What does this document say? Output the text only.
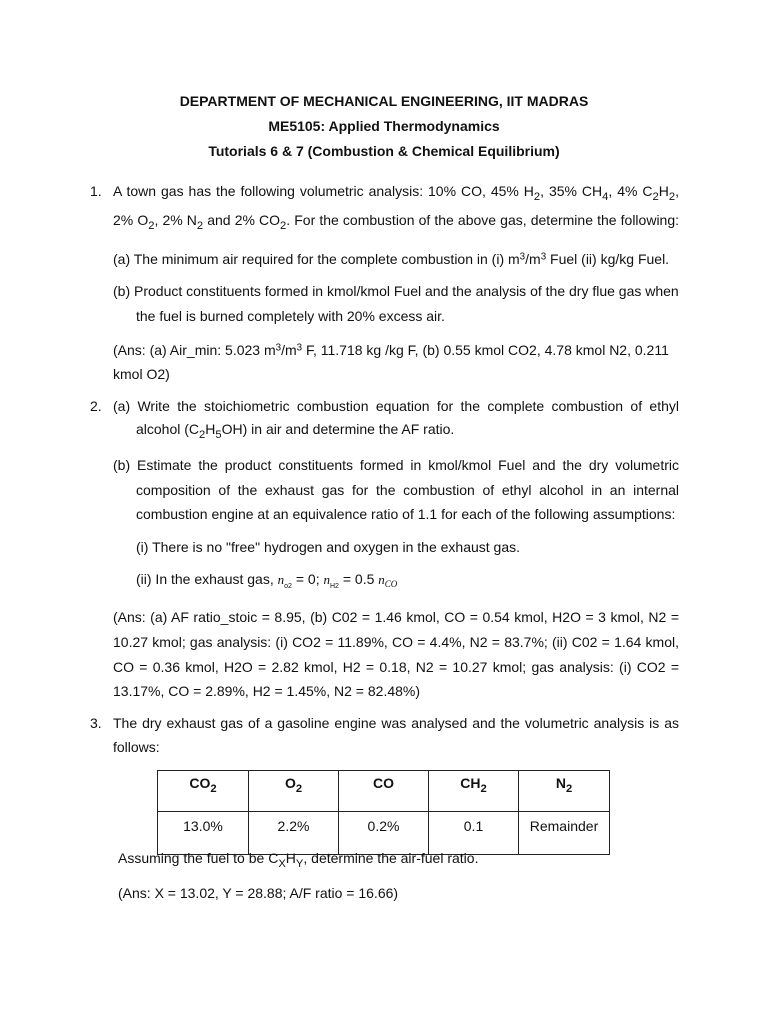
DEPARTMENT OF MECHANICAL ENGINEERING, IIT MADRAS
ME5105: Applied Thermodynamics
Tutorials 6 & 7 (Combustion & Chemical Equilibrium)
1. A town gas has the following volumetric analysis: 10% CO, 45% $H_2$, 35% $CH_4$, 4% $C_2H_2$,
2% $O_2$, 2% $N_2$ and 2% $CO_2$. For the combustion of the above gas, determine the following:
(a) The minimum air required for the complete combustion in (i) $m^3/m^3$ Fuel (ii) kg/kg Fuel.
(b) Product constituents formed in kmol/kmol Fuel and the analysis of the dry flue gas when
the fuel is burned completely with 20% excess air.
(Ans: (a) Air_min: 5.023 $m^3/m^3$ F, 11.718 kg /kg F, (b) 0.55 kmol CO2, 4.78 kmol N2, 0.211
kmol O2)
2. (a) Write the stoichiometric combustion equation for the complete combustion of ethyl
alcohol $(C_2H_5OH)$ in air and determine the AF ratio.
(b) Estimate the product constituents formed in kmol/kmol Fuel and the dry volumetric
composition of the exhaust gas for the combustion of ethyl alcohol in an internal
combustion engine at an equivalence ratio of 1.1 for each of the following assumptions:
(i) There is no "free" hydrogen and oxygen in the exhaust gas.
(ii) In the exhaust gas, $n_{o2} = 0$; $n_{H2} = 0.5$ $n_{CO}$
(Ans: (a) AF ratio_stoic = 8.95, (b) C02 = 1.46 kmol, CO = 0.54 kmol, H2O = 3 kmol, N2 =
10.27 kmol; gas analysis: (i) CO2 = 11.89%, CO = 4.4%, N2 = 83.7%; (ii) C02 = 1.64 kmol,
CO = 0.36 kmol, H2O = 2.82 kmol, H2 = 0.18, N2 = 10.27 kmol; gas analysis: (i) CO2 =
13.17%, CO = 2.89%, H2 = 1.45%, N2 = 82.48%)
3. The dry exhaust gas of a gasoline engine was analysed and the volumetric analysis is as
follows:
$CO_2$	$O_2$	CO	$CH_2$	$N_2$
13.0%	2.2%	0.2%	0.1	Remainder
Assuming the fuel to be $C_XH_Y$, determine the air-fuel ratio.
(Ans: X = 13.02, Y = 28.88; A/F ratio = 16.66)
